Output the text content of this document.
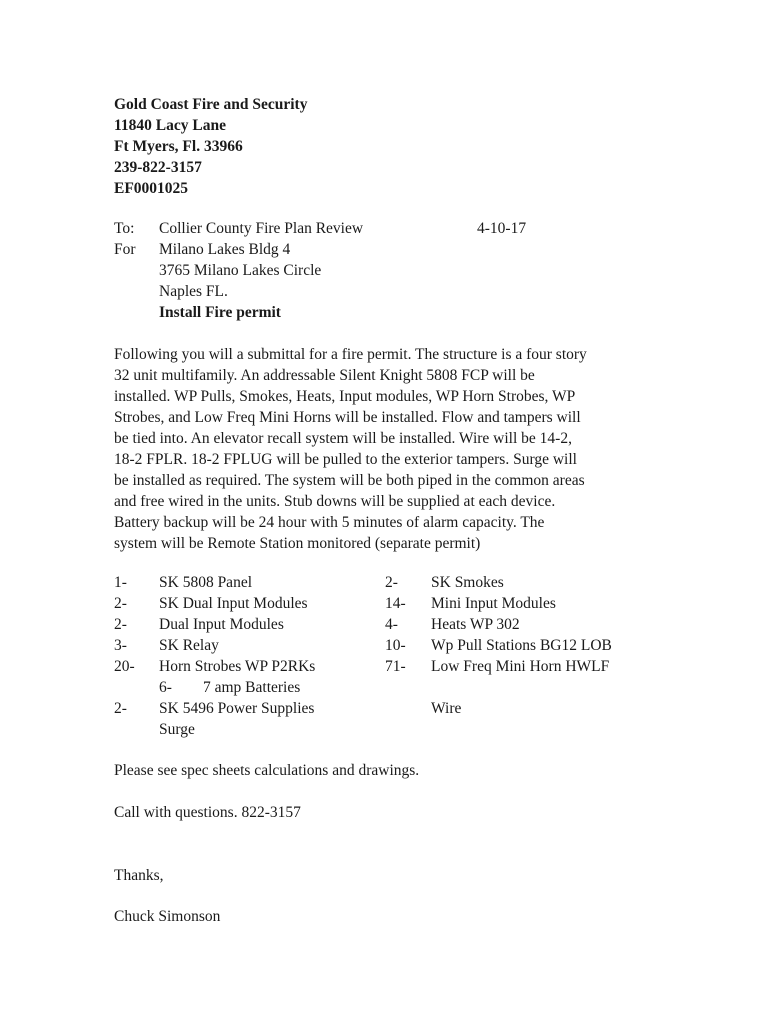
Gold Coast Fire and Security
11840 Lacy Lane
Ft Myers, Fl. 33966
239-822-3157
EF0001025
To: Collier County Fire Plan Review	4-10-17
For Milano Lakes Bldg 4
3765 Milano Lakes Circle
Naples FL.
Install Fire permit
Following you will a submittal for a fire permit. The structure is a four story
32 unit multifamily. An addressable Silent Knight 5808 FCP will be
installed. WP Pulls, Smokes, Heats, Input modules, WP Horn Strobes, WP
Strobes, and Low Freq Mini Horns will be installed. Flow and tampers will
be tied into. An elevator recall system will be installed. Wire will be 14-2,
18-2 FPLR. 18-2 FPLUG will be pulled to the exterior tampers. Surge will
be installed as required. The system will be both piped in the common areas
and free wired in the units. Stub downs will be supplied at each device.
Battery backup will be 24 hour with 5 minutes of alarm capacity. The
system will be Remote Station monitored (separate permit)
1- SK 5808 Panel	2- SK Smokes
2- SK Dual Input Modules	14- Mini Input Modules
2- Dual Input Modules	4- Heats WP 302
3- SK Relay	10- Wp Pull Stations BG12 LOB
20- Horn Strobes WP P2RKs	71- Low Freq Mini Horn HWLF
6- 7 amp Batteries
2- SK 5496 Power Supplies	Wire
Surge
Please see spec sheets calculations and drawings.
Call with questions. 822-3157
Thanks,
Chuck Simonson
